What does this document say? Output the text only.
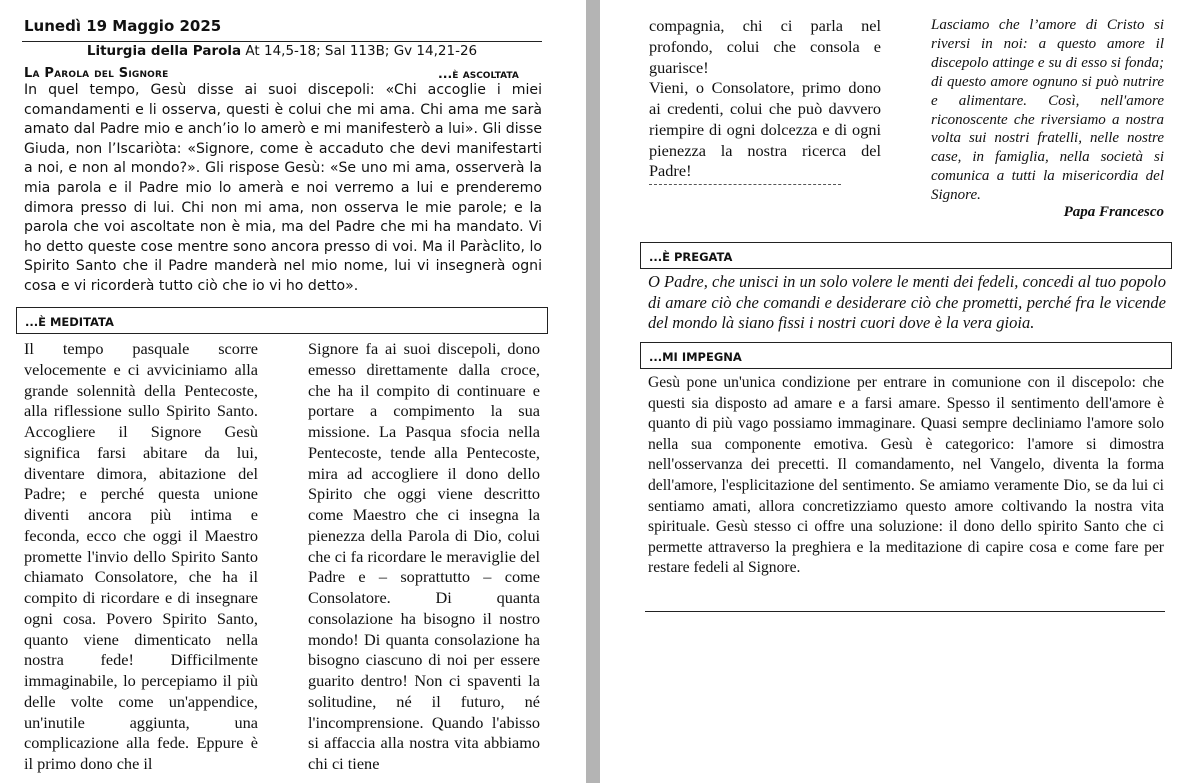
Lunedì 19 Maggio 2025
Liturgia della Parola At 14,5-18; Sal 113B; Gv 14,21-26
La Parola del Signore	...è ascoltata
In quel tempo, Gesù disse ai suoi discepoli: «Chi accoglie i miei comandamenti e li osserva, questi è colui che mi ama. Chi ama me sarà amato dal Padre mio e anch’io lo amerò e mi manifesterò a lui». Gli disse Giuda, non l’Iscariòta: «Signore, come è accaduto che devi manifestarti a noi, e non al mondo?». Gli rispose Gesù: «Se uno mi ama, osserverà la mia parola e il Padre mio lo amerà e noi verremo a lui e prenderemo dimora presso di lui. Chi non mi ama, non osserva le mie parole; e la parola che voi ascoltate non è mia, ma del Padre che mi ha mandato. Vi ho detto queste cose mentre sono ancora presso di voi. Ma il Paràclito, lo Spirito Santo che il Padre manderà nel mio nome, lui vi insegnerà ogni cosa e vi ricorderà tutto ciò che io vi ho detto».
...È MEDITATA
Il tempo pasquale scorre velocemente e ci avviciniamo alla grande solennità della Pentecoste, alla riflessione sullo Spirito Santo. Accogliere il Signore Gesù significa farsi abitare da lui, diventare dimora, abitazione del Padre; e perché questa unione diventi ancora più intima e feconda, ecco che oggi il Maestro promette l'invio dello Spirito Santo chiamato Consolatore, che ha il compito di ricordare e di insegnare ogni cosa. Povero Spirito Santo, quanto viene dimenticato nella nostra fede! Difficilmente immaginabile, lo percepiamo il più delle volte come un'appendice, un'inutile aggiunta, una complicazione alla fede. Eppure è il primo dono che il
Signore fa ai suoi discepoli, dono emesso direttamente dalla croce, che ha il compito di continuare e portare a compimento la sua missione. La Pasqua sfocia nella Pentecoste, tende alla Pentecoste, mira ad accogliere il dono dello Spirito che oggi viene descritto come Maestro che ci insegna la pienezza della Parola di Dio, colui che ci fa ricordare le meraviglie del Padre e – soprattutto – come Consolatore. Di quanta consolazione ha bisogno il nostro mondo! Di quanta consolazione ha bisogno ciascuno di noi per essere guarito dentro! Non ci spaventi la solitudine, né il futuro, né l'incomprensione. Quando l'abisso si affaccia alla nostra vita abbiamo chi ci tiene

compagnia, chi ci parla nel profondo, colui che consola e guarisce!

Vieni, o Consolatore, primo dono ai credenti, colui che può davvero riempire di ogni dolcezza e di ogni pienezza la nostra ricerca del Padre!

Lasciamo che l’amore di Cristo si riversi in noi: a questo amore il discepolo attinge e su di esso si fonda; di questo amore ognuno si può nutrire e alimentare. Così, nell'amore riconoscente che riversiamo a nostra volta sui nostri fratelli, nelle nostre case, in famiglia, nella società si comunica a tutti la misericordia del Signore.
Papa Francesco
...È PREGATA
O Padre, che unisci in un solo volere le menti dei fedeli, concedi al tuo popolo di amare ciò che comandi e desiderare ciò che prometti, perché fra le vicende del mondo là siano fissi i nostri cuori dove è la vera gioia.
...MI IMPEGNA
Gesù pone un'unica condizione per entrare in comunione con il discepolo: che questi sia disposto ad amare e a farsi amare. Spesso il sentimento dell'amore è quanto di più vago possiamo immaginare. Quasi sempre decliniamo l'amore solo nella sua componente emotiva. Gesù è categorico: l'amore si dimostra nell'osservanza dei precetti. Il comandamento, nel Vangelo, diventa la forma dell'amore, l'esplicitazione del sentimento. Se amiamo veramente Dio, se da lui ci sentiamo amati, allora concretizziamo questo amore coltivando la nostra vita spirituale. Gesù stesso ci offre una soluzione: il dono dello spirito Santo che ci permette attraverso la preghiera e la meditazione di capire cosa e come fare per restare fedeli al Signore.
